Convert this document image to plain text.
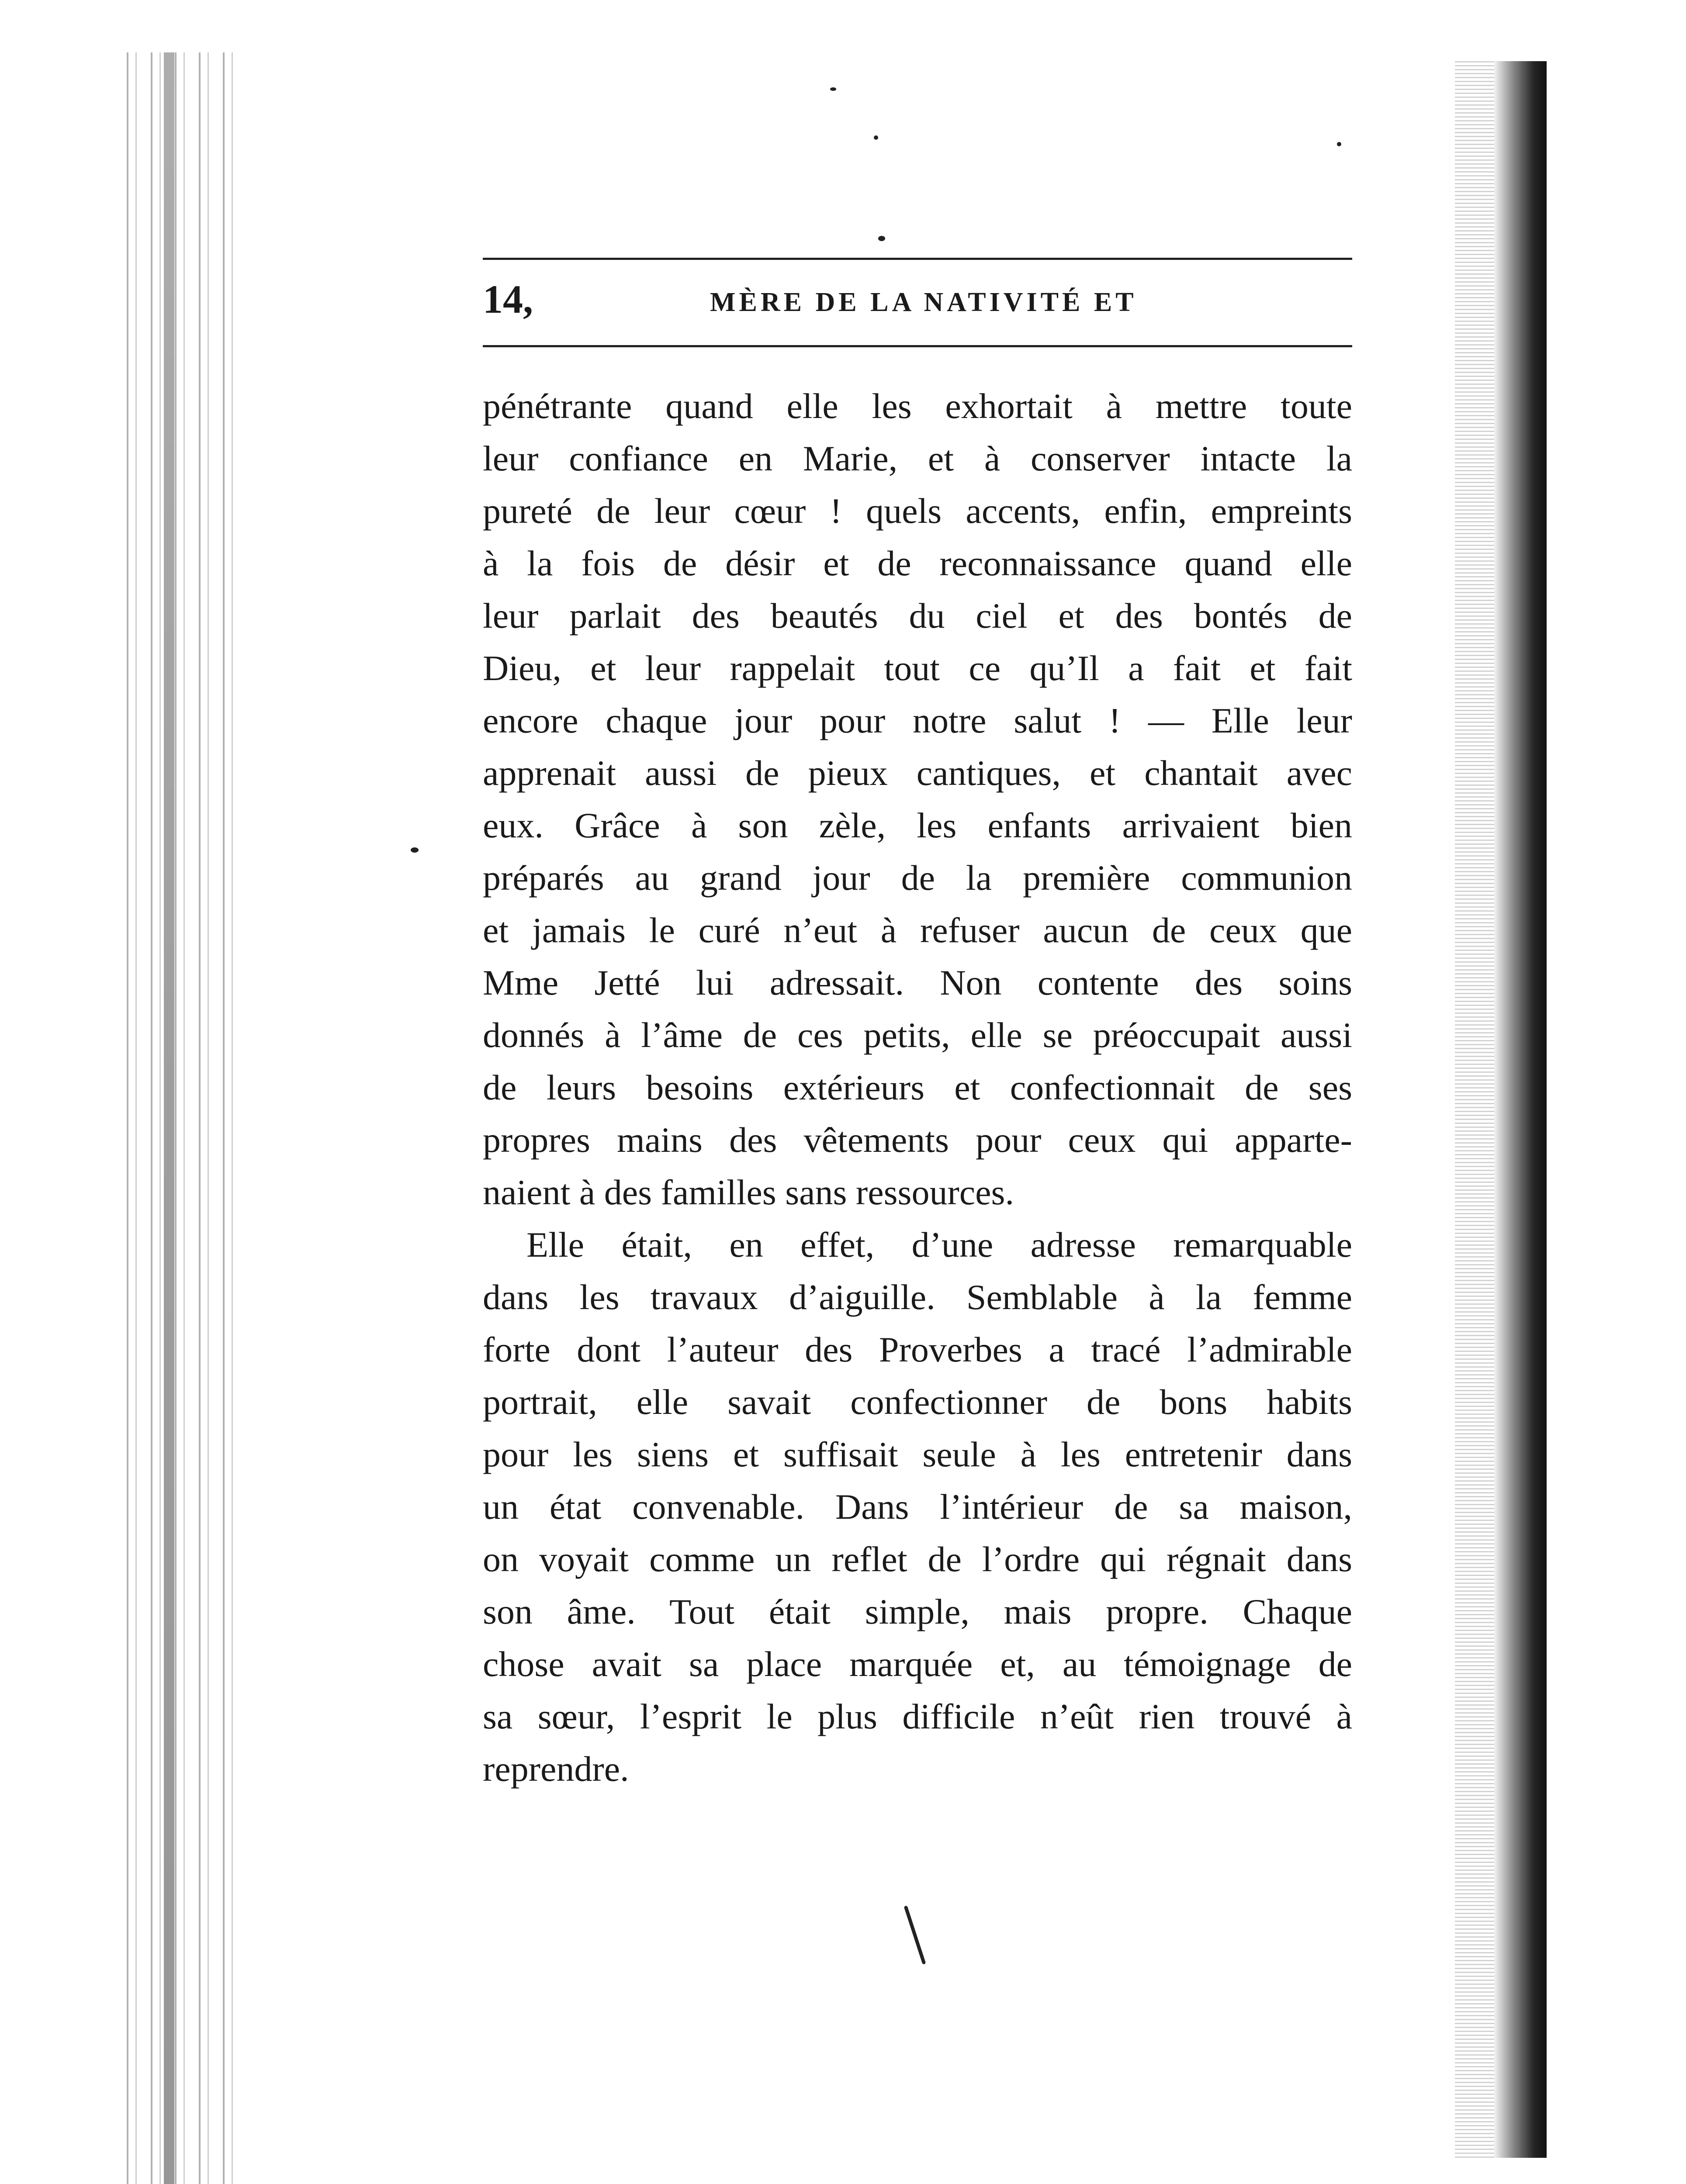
14,	MÈRE DE LA NATIVITÉ ET

pénétrante quand elle les exhortait à mettre toute
leur confiance en Marie, et à conserver intacte la
pureté de leur cœur ! quels accents, enfin, empreints
à la fois de désir et de reconnaissance quand elle
leur parlait des beautés du ciel et des bontés de
Dieu, et leur rappelait tout ce qu’Il a fait et fait
encore chaque jour pour notre salut ! — Elle leur
apprenait aussi de pieux cantiques, et chantait avec
eux. Grâce à son zèle, les enfants arrivaient bien
préparés au grand jour de la première communion
et jamais le curé n’eut à refuser aucun de ceux que
Mme Jetté lui adressait. Non contente des soins
donnés à l’âme de ces petits, elle se préoccupait aussi
de leurs besoins extérieurs et confectionnait de ses
propres mains des vêtements pour ceux qui apparte-
naient à des familles sans ressources.

Elle était, en effet, d’une adresse remarquable
dans les travaux d’aiguille. Semblable à la femme
forte dont l’auteur des Proverbes a tracé l’admirable
portrait, elle savait confectionner de bons habits
pour les siens et suffisait seule à les entretenir dans
un état convenable. Dans l’intérieur de sa maison,
on voyait comme un reflet de l’ordre qui régnait dans
son âme. Tout était simple, mais propre. Chaque
chose avait sa place marquée et, au témoignage de
sa sœur, l’esprit le plus difficile n’eût rien trouvé à
reprendre.
